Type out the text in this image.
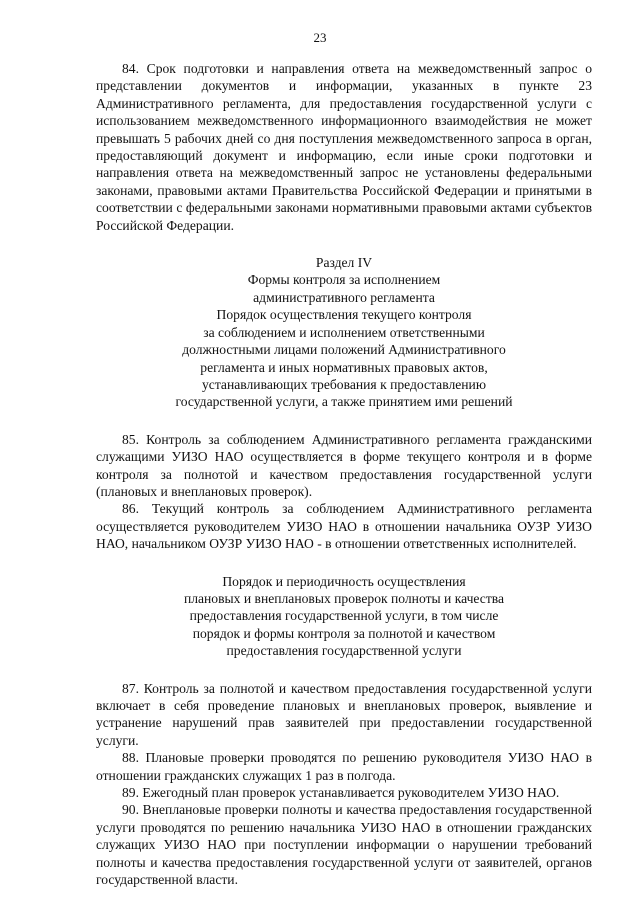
23

84. Срок подготовки и направления ответа на межведомственный запрос о представлении документов и информации, указанных в пункте 23 Административного регламента, для предоставления государственной услуги с использованием межведомственного информационного взаимодействия не может превышать 5 рабочих дней со дня поступления межведомственного запроса в орган, предоставляющий документ и информацию, если иные сроки подготовки и направления ответа на межведомственный запрос не установлены федеральными законами, правовыми актами Правительства Российской Федерации и принятыми в соответствии с федеральными законами нормативными правовыми актами субъектов Российской Федерации.

Раздел IV
Формы контроля за исполнением
административного регламента
Порядок осуществления текущего контроля
за соблюдением и исполнением ответственными
должностными лицами положений Административного
регламента и иных нормативных правовых актов,
устанавливающих требования к предоставлению
государственной услуги, а также принятием ими решений

85. Контроль за соблюдением Административного регламента гражданскими служащими УИЗО НАО осуществляется в форме текущего контроля и в форме контроля за полнотой и качеством предоставления государственной услуги (плановых и внеплановых проверок).

86. Текущий контроль за соблюдением Административного регламента осуществляется руководителем УИЗО НАО в отношении начальника ОУЗР УИЗО НАО, начальником ОУЗР УИЗО НАО - в отношении ответственных исполнителей.

Порядок и периодичность осуществления
плановых и внеплановых проверок полноты и качества
предоставления государственной услуги, в том числе
порядок и формы контроля за полнотой и качеством
предоставления государственной услуги

87. Контроль за полнотой и качеством предоставления государственной услуги включает в себя проведение плановых и внеплановых проверок, выявление и устранение нарушений прав заявителей при предоставлении государственной услуги.

88. Плановые проверки проводятся по решению руководителя УИЗО НАО в отношении гражданских служащих 1 раз в полгода.

89. Ежегодный план проверок устанавливается руководителем УИЗО НАО.

90. Внеплановые проверки полноты и качества предоставления государственной услуги проводятся по решению начальника УИЗО НАО в отношении гражданских служащих УИЗО НАО при поступлении информации о нарушении требований полноты и качества предоставления государственной услуги от заявителей, органов государственной власти.
